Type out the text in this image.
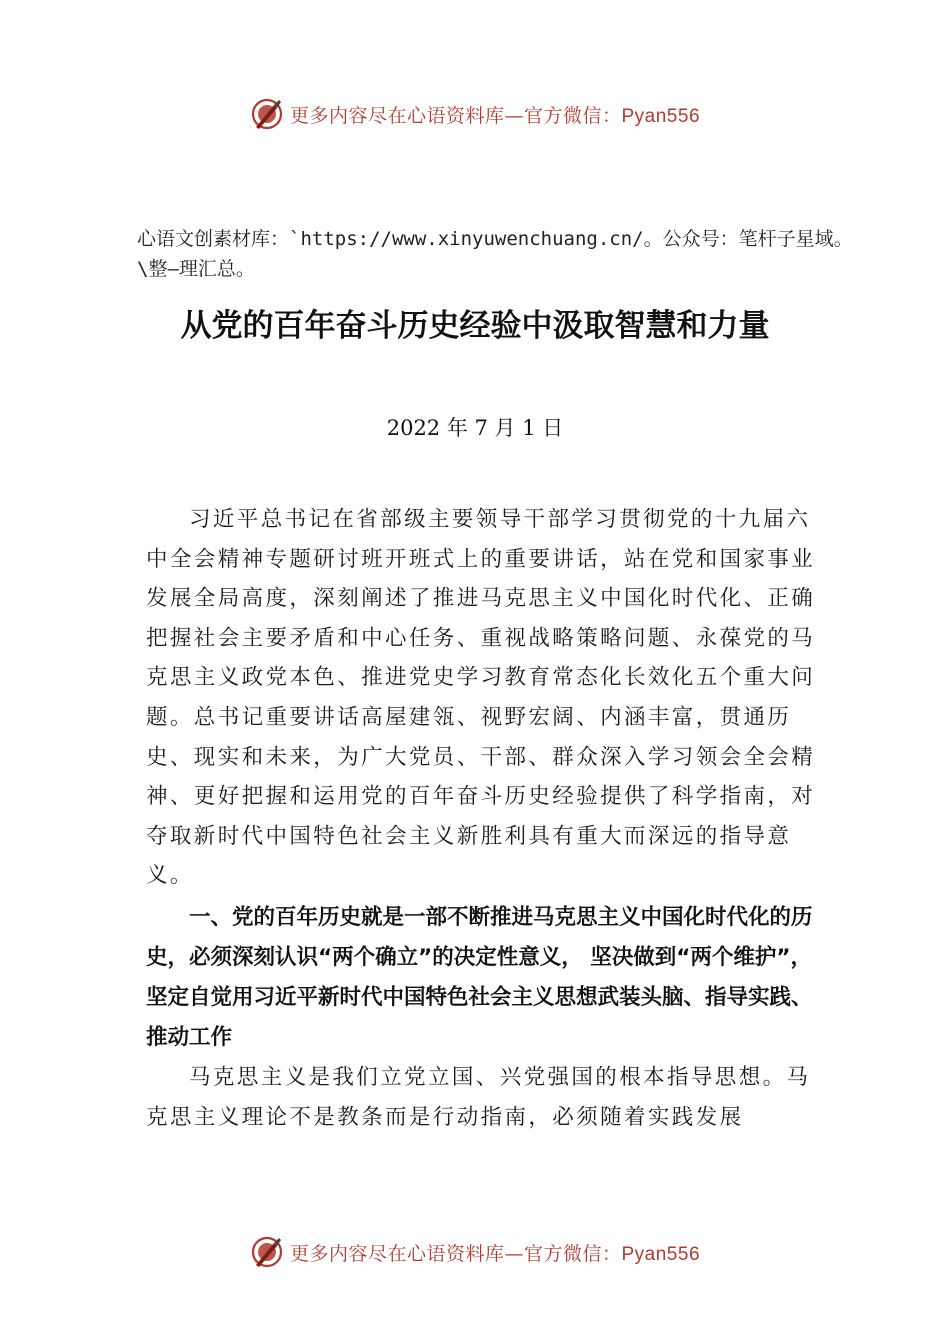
更多内容尽在心语资料库—官方微信：Pyan556
心语文创素材库：`https://www.xinyuwenchuang.cn/。公众号：笔杆子星域。\整—理汇总。
从党的百年奋斗历史经验中汲取智慧和力量
2022 年 7 月 1 日
习近平总书记在省部级主要领导干部学习贯彻党的十九届六中全会精神专题研讨班开班式上的重要讲话，站在党和国家事业发展全局高度，深刻阐述了推进马克思主义中国化时代化、正确把握社会主要矛盾和中心任务、重视战略策略问题、永葆党的马克思主义政党本色、推进党史学习教育常态化长效化五个重大问题。总书记重要讲话高屋建瓴、视野宏阔、内涵丰富，贯通历史、现实和未来，为广大党员、干部、群众深入学习领会全会精神、更好把握和运用党的百年奋斗历史经验提供了科学指南，对夺取新时代中国特色社会主义新胜利具有重大而深远的指导意义。
一、党的百年历史就是一部不断推进马克思主义中国化时代化的历史，必须深刻认识“两个确立”的决定性意义， 坚决做到“两个维护”，坚定自觉用习近平新时代中国特色社会主义思想武装头脑、指导实践、推动工作
马克思主义是我们立党立国、兴党强国的根本指导思想。马克思主义理论不是教条而是行动指南，必须随着实践发展
更多内容尽在心语资料库—官方微信：Pyan556
